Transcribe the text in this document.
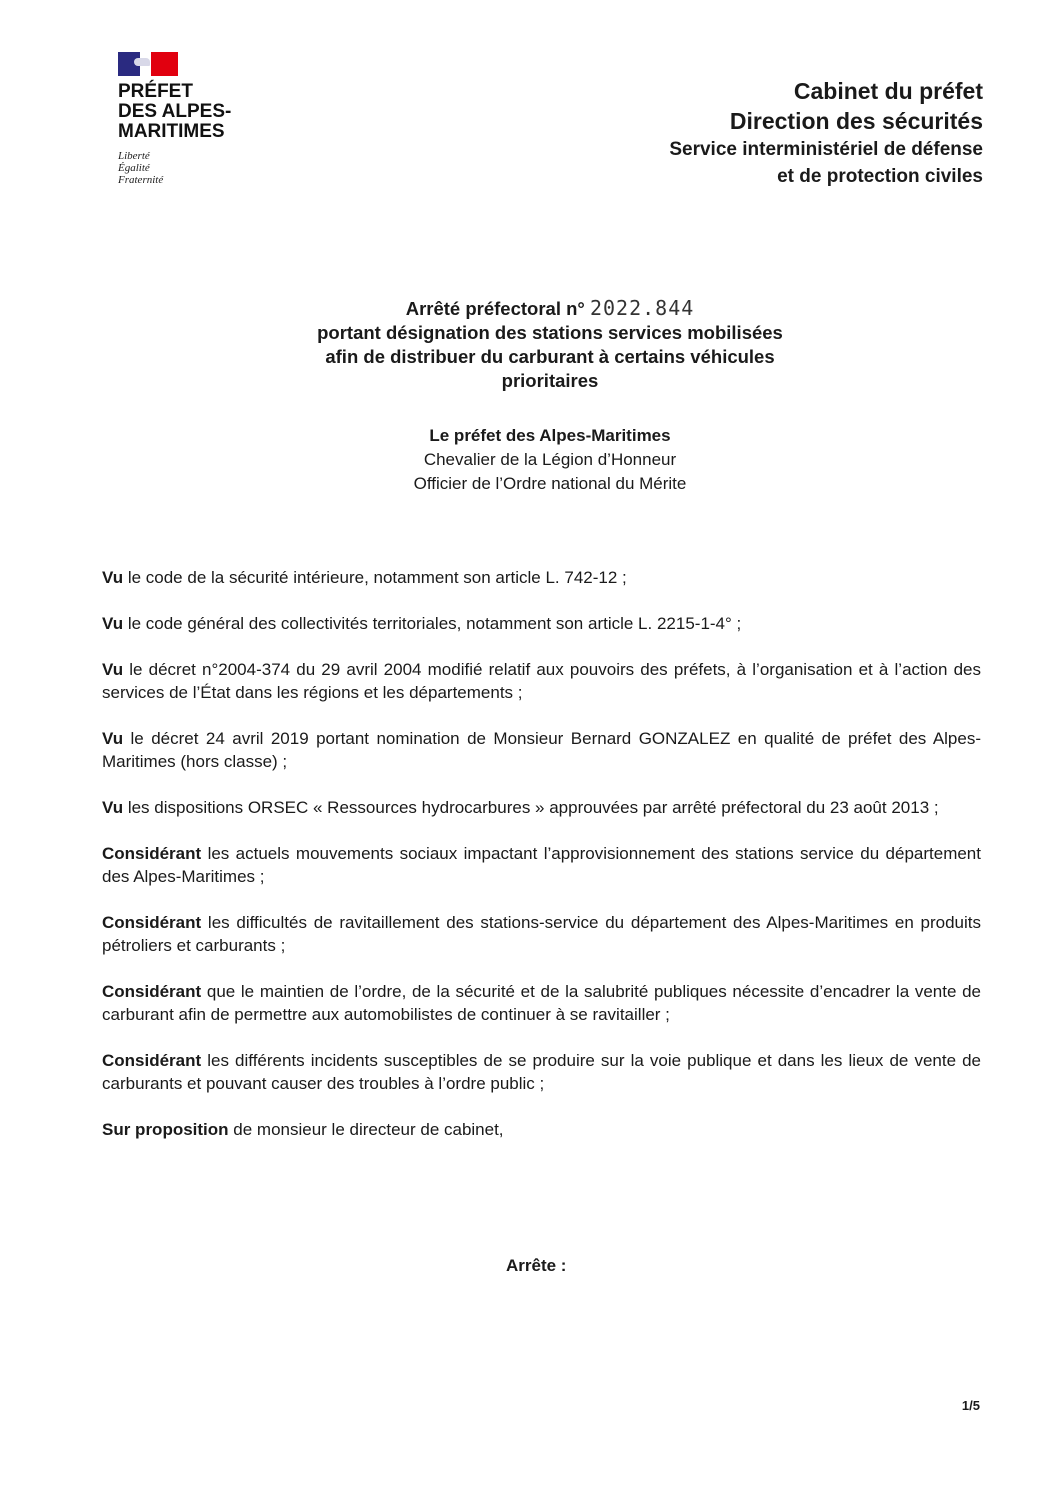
PRÉFET
DES ALPES-
MARITIMES
Liberté
Égalité
Fraternité
Cabinet du préfet
Direction des sécurités
Service interministériel de défense
et de protection civiles
Arrêté préfectoral n° 2022.844
portant désignation des stations services mobilisées
afin de distribuer du carburant à certains véhicules
prioritaires
Le préfet des Alpes-Maritimes
Chevalier de la Légion d’Honneur
Officier de l’Ordre national du Mérite

Vu le code de la sécurité intérieure, notamment son article L. 742-12 ;

Vu le code général des collectivités territoriales, notamment son article L. 2215-1-4° ;

Vu le décret n°2004-374 du 29 avril 2004 modifié relatif aux pouvoirs des préfets, à l’organisation et à l’action des services de l’État dans les régions et les départements ;

Vu le décret 24 avril 2019 portant nomination de Monsieur Bernard GONZALEZ en qualité de préfet des Alpes-Maritimes (hors classe) ;

Vu les dispositions ORSEC « Ressources hydrocarbures » approuvées par arrêté préfectoral du 23 août 2013 ;

Considérant les actuels mouvements sociaux impactant l’approvisionnement des stations service du département des Alpes-Maritimes ;

Considérant les difficultés de ravitaillement des stations-service du département des Alpes-Maritimes en produits pétroliers et carburants ;

Considérant que le maintien de l’ordre, de la sécurité et de la salubrité publiques nécessite d’encadrer la vente de carburant afin de permettre aux automobilistes de continuer à se ravitailler ;

Considérant les différents incidents susceptibles de se produire sur la voie publique et dans les lieux de vente de carburants et pouvant causer des troubles à l’ordre public ;

Sur proposition de monsieur le directeur de cabinet,

Arrête :
1/5
